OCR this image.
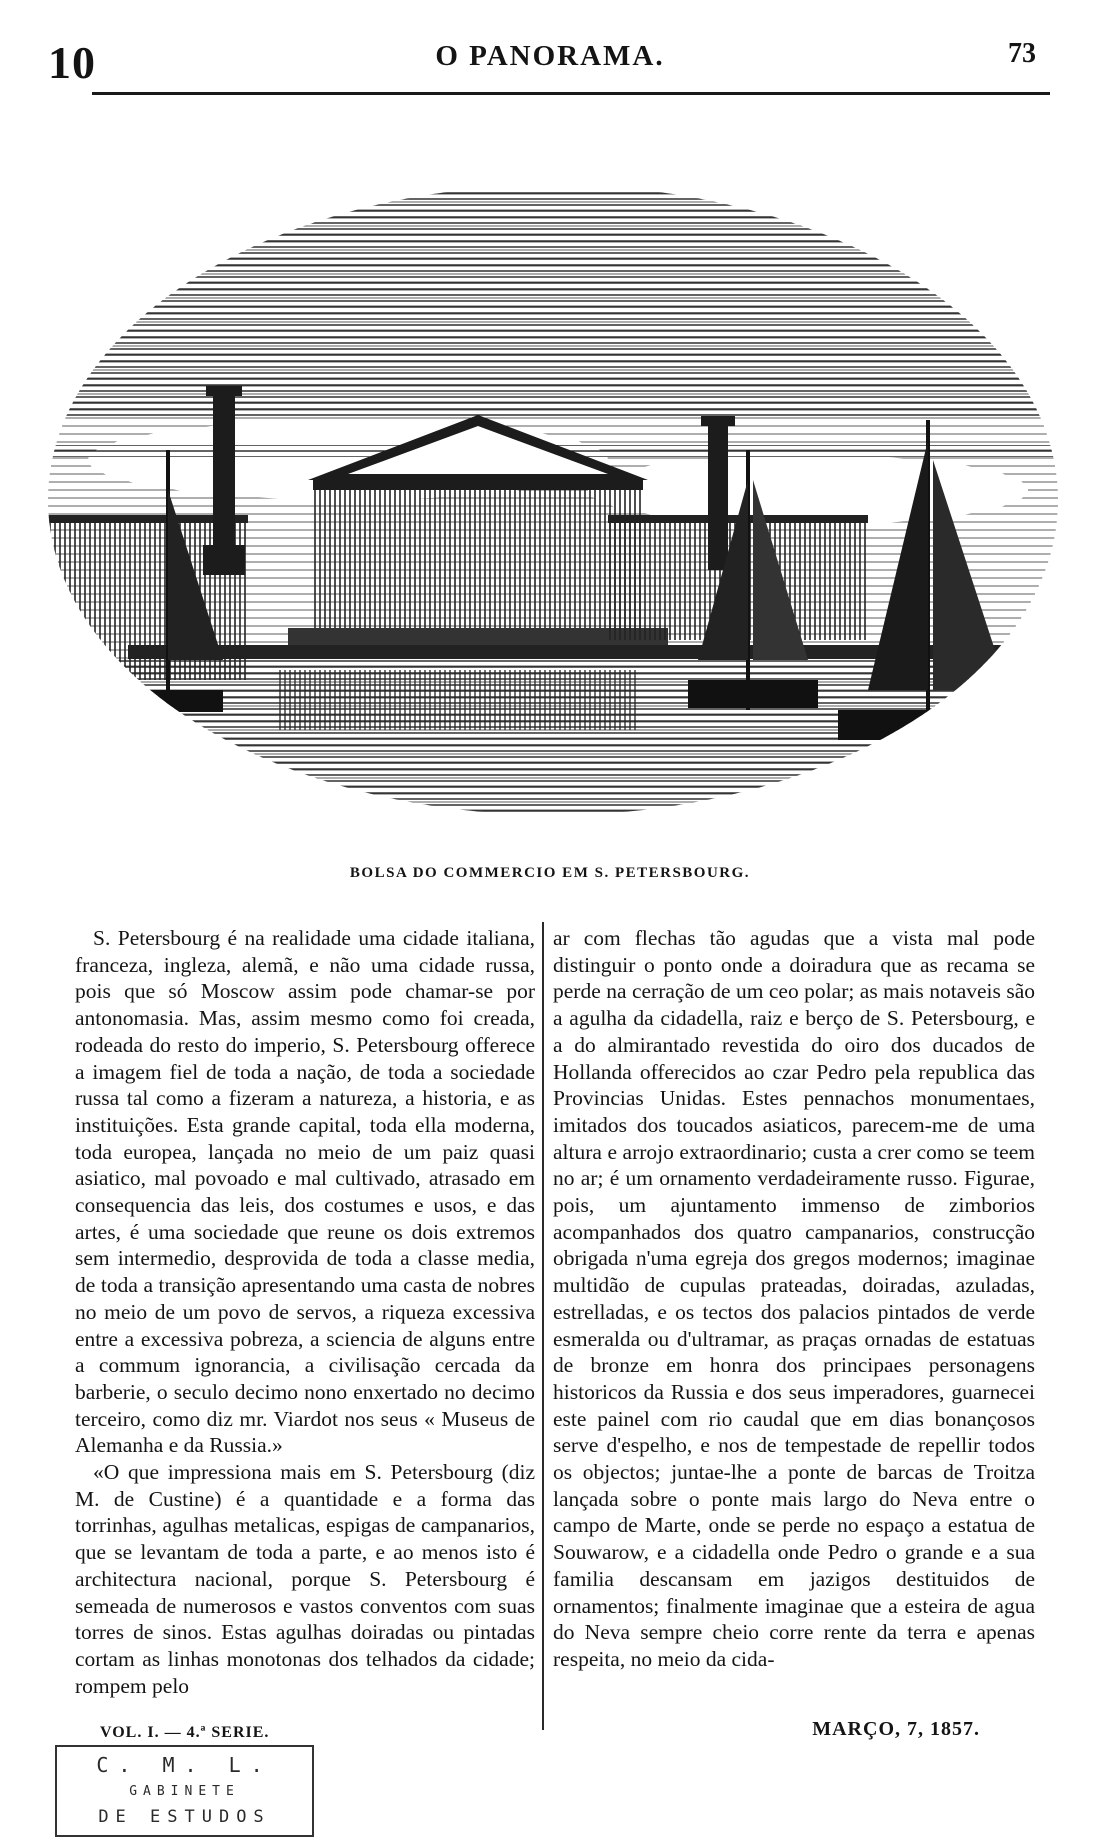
10	O PANORAMA.	73
BOLSA DO COMMERCIO EM S. PETERSBOURG.

S. Petersbourg é na realidade uma cidade italiana, franceza, ingleza, alemã, e não uma cidade russa, pois que só Moscow assim pode chamar-se por antonomasia. Mas, assim mesmo como foi creada, rodeada do resto do imperio, S. Petersbourg offerece a imagem fiel de toda a nação, de toda a sociedade russa tal como a fizeram a natureza, a historia, e as instituições. Esta grande capital, toda ella moderna, toda europea, lançada no meio de um paiz quasi asiatico, mal povoado e mal cultivado, atrasado em consequencia das leis, dos costumes e usos, e das artes, é uma sociedade que reune os dois extremos sem intermedio, desprovida de toda a classe media, de toda a transição apresentando uma casta de nobres no meio de um povo de servos, a riqueza excessiva entre a excessiva pobreza, a sciencia de alguns entre a commum ignorancia, a civilisação cercada da barberie, o seculo decimo nono enxertado no decimo terceiro, como diz mr. Viardot nos seus « Museus de Alemanha e da Russia.»

«O que impressiona mais em S. Petersbourg (diz M. de Custine) é a quantidade e a forma das torrinhas, agulhas metalicas, espigas de campanarios, que se levantam de toda a parte, e ao menos isto é architectura nacional, porque S. Petersbourg é semeada de numerosos e vastos conventos com suas torres de sinos. Estas agulhas doiradas ou pintadas cortam as linhas monotonas dos telhados da cidade; rompem pelo

ar com flechas tão agudas que a vista mal pode distinguir o ponto onde a doiradura que as recama se perde na cerração de um ceo polar; as mais notaveis são a agulha da cidadella, raiz e berço de S. Petersbourg, e a do almirantado revestida do oiro dos ducados de Hollanda offerecidos ao czar Pedro pela republica das Provincias Unidas. Estes pennachos monumentaes, imitados dos toucados asiaticos, parecem-me de uma altura e arrojo extraordinario; custa a crer como se teem no ar; é um ornamento verdadeiramente russo. Figurae, pois, um ajuntamento immenso de zimborios acompanhados dos quatro campanarios, construcção obrigada n'uma egreja dos gregos modernos; imaginae multidão de cupulas prateadas, doiradas, azuladas, estrelladas, e os tectos dos palacios pintados de verde esmeralda ou d'ultramar, as praças ornadas de estatuas de bronze em honra dos principaes personagens historicos da Russia e dos seus imperadores, guarnecei este painel com rio caudal que em dias bonançosos serve d'espelho, e nos de tempestade de repellir todos os objectos; juntae-lhe a ponte de barcas de Troitza lançada sobre o ponte mais largo do Neva entre o campo de Marte, onde se perde no espaço a estatua de Souwarow, e a cidadella onde Pedro o grande e a sua familia descansam em jazigos destituidos de ornamentos; finalmente imaginae que a esteira de agua do Neva sempre cheio corre rente da terra e apenas respeita, no meio da cida-

VOL. I. — 4.ª SERIE.	MARÇO, 7, 1857.
C. M. L.
GABINETE
DE ESTUDOS
